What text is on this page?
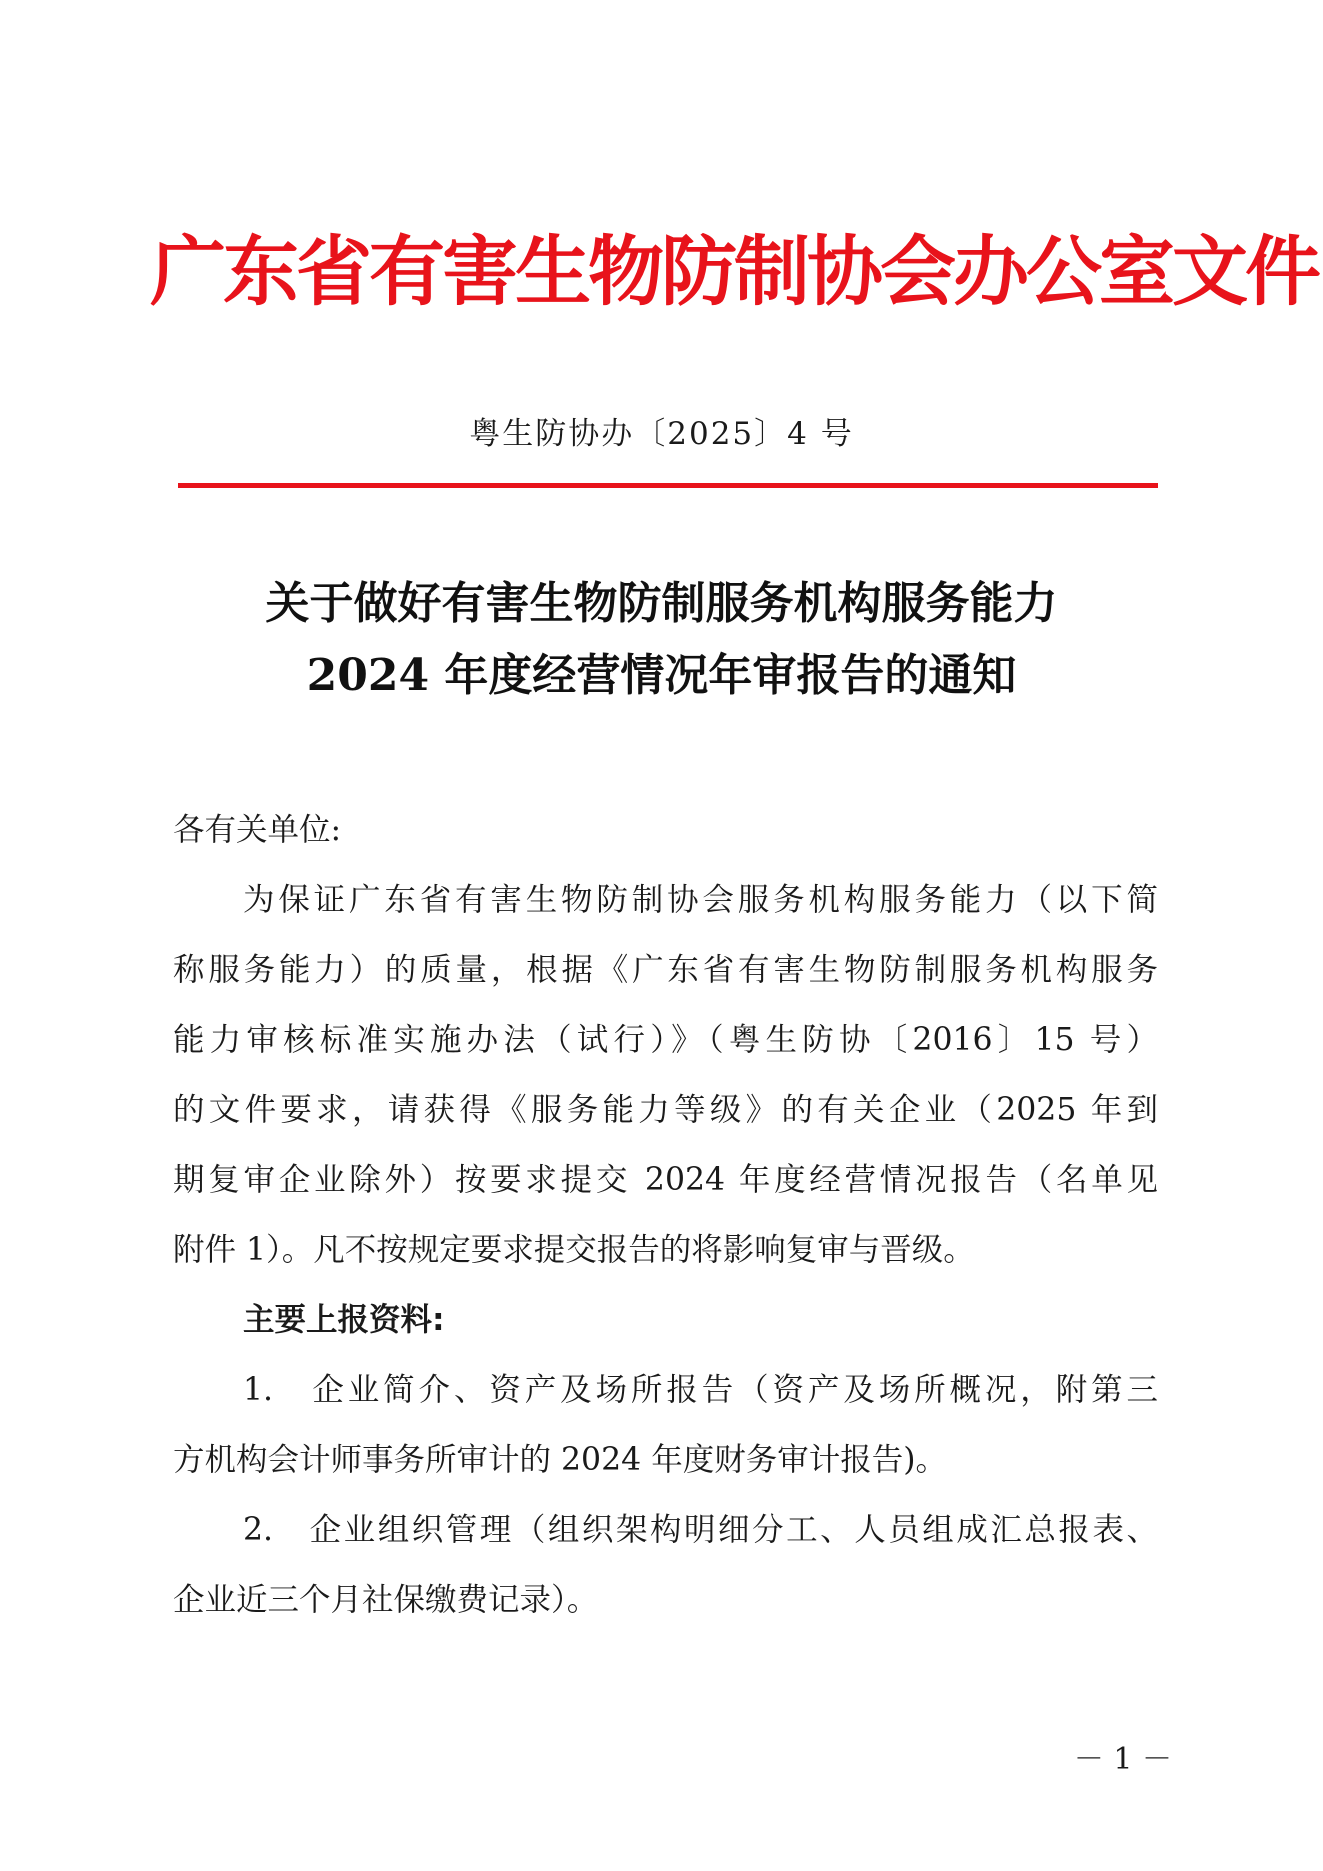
广东省有害生物防制协会办公室文件
粤生防协办〔2025〕4 号
关于做好有害生物防制服务机构服务能力
2024 年度经营情况年审报告的通知
各有关单位:
为保证广东省有害生物防制协会服务机构服务能力（以下简
称服务能力）的质量，根据《广东省有害生物防制服务机构服务
能力审核标准实施办法（试行）》（粤生防协〔2016〕15 号）
的文件要求，请获得《服务能力等级》的有关企业（2025 年到
期复审企业除外）按要求提交 2024 年度经营情况报告（名单见
附件 1）。凡不按规定要求提交报告的将影响复审与晋级。
主要上报资料:
1.　企业简介、资产及场所报告（资产及场所概况，附第三
方机构会计师事务所审计的 2024 年度财务审计报告)。
2.　企业组织管理（组织架构明细分工、人员组成汇总报表、
企业近三个月社保缴费记录）。
－ 1 －
